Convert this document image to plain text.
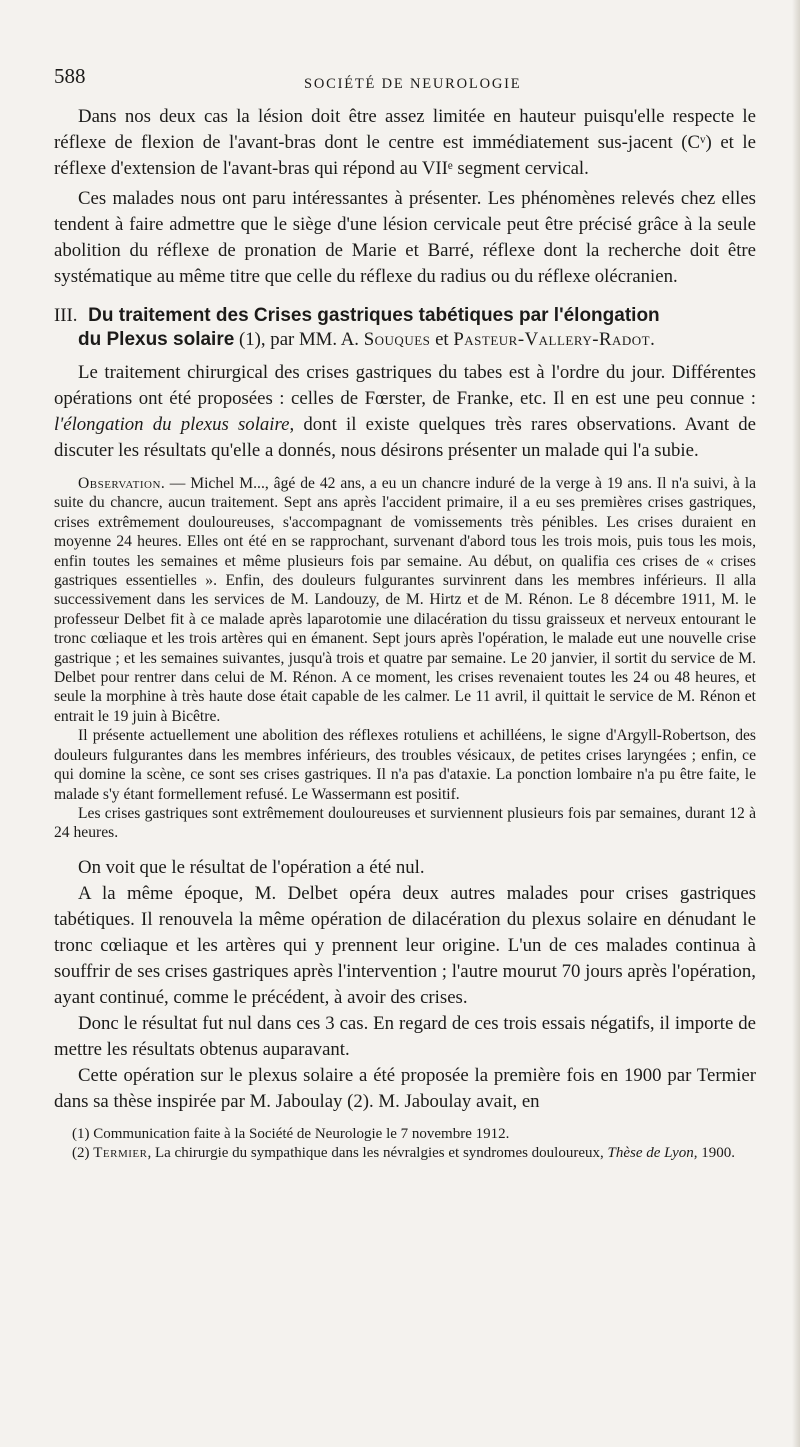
588	SOCIÉTÉ DE NEUROLOGIE

Dans nos deux cas la lésion doit être assez limitée en hauteur puisqu'elle respecte le réflexe de flexion de l'avant-bras dont le centre est immédiatement sus-jacent (Cᵛ) et le réflexe d'extension de l'avant-bras qui répond au VIIᵉ segment cervical.

Ces malades nous ont paru intéressantes à présenter. Les phénomènes relevés chez elles tendent à faire admettre que le siège d'une lésion cervicale peut être précisé grâce à la seule abolition du réflexe de pronation de Marie et Barré, réflexe dont la recherche doit être systématique au même titre que celle du réflexe du radius ou du réflexe olécranien.

III. Du traitement des Crises gastriques tabétiques par l'élongation
du Plexus solaire (1), par MM. A. Souques et Pasteur-Vallery-Radot.

Le traitement chirurgical des crises gastriques du tabes est à l'ordre du jour. Différentes opérations ont été proposées : celles de Fœrster, de Franke, etc. Il en est une peu connue : l'élongation du plexus solaire, dont il existe quelques très rares observations. Avant de discuter les résultats qu'elle a donnés, nous désirons présenter un malade qui l'a subie.

Observation. — Michel M..., âgé de 42 ans, a eu un chancre induré de la verge à 19 ans. Il n'a suivi, à la suite du chancre, aucun traitement. Sept ans après l'accident primaire, il a eu ses premières crises gastriques, crises extrêmement douloureuses, s'accompagnant de vomissements très pénibles. Les crises duraient en moyenne 24 heures. Elles ont été en se rapprochant, survenant d'abord tous les trois mois, puis tous les mois, enfin toutes les semaines et même plusieurs fois par semaine. Au début, on qualifia ces crises de « crises gastriques essentielles ». Enfin, des douleurs fulgurantes survinrent dans les membres inférieurs. Il alla successivement dans les services de M. Landouzy, de M. Hirtz et de M. Rénon. Le 8 décembre 1911, M. le professeur Delbet fit à ce malade après laparotomie une dilacération du tissu graisseux et nerveux entourant le tronc cœliaque et les trois artères qui en émanent. Sept jours après l'opération, le malade eut une nouvelle crise gastrique ; et les semaines suivantes, jusqu'à trois et quatre par semaine. Le 20 janvier, il sortit du service de M. Delbet pour rentrer dans celui de M. Rénon. A ce moment, les crises revenaient toutes les 24 ou 48 heures, et seule la morphine à très haute dose était capable de les calmer. Le 11 avril, il quittait le service de M. Rénon et entrait le 19 juin à Bicêtre.

Il présente actuellement une abolition des réflexes rotuliens et achilléens, le signe d'Argyll-Robertson, des douleurs fulgurantes dans les membres inférieurs, des troubles vésicaux, de petites crises laryngées ; enfin, ce qui domine la scène, ce sont ses crises gastriques. Il n'a pas d'ataxie. La ponction lombaire n'a pu être faite, le malade s'y étant formellement refusé. Le Wassermann est positif.

Les crises gastriques sont extrêmement douloureuses et surviennent plusieurs fois par semaines, durant 12 à 24 heures.

On voit que le résultat de l'opération a été nul.

A la même époque, M. Delbet opéra deux autres malades pour crises gastriques tabétiques. Il renouvela la même opération de dilacération du plexus solaire en dénudant le tronc cœliaque et les artères qui y prennent leur origine. L'un de ces malades continua à souffrir de ses crises gastriques après l'intervention ; l'autre mourut 70 jours après l'opération, ayant continué, comme le précédent, à avoir des crises.

Donc le résultat fut nul dans ces 3 cas. En regard de ces trois essais négatifs, il importe de mettre les résultats obtenus auparavant.

Cette opération sur le plexus solaire a été proposée la première fois en 1900 par Termier dans sa thèse inspirée par M. Jaboulay (2). M. Jaboulay avait, en

(1) Communication faite à la Société de Neurologie le 7 novembre 1912.

(2) Termier, La chirurgie du sympathique dans les névralgies et syndromes douloureux, Thèse de Lyon, 1900.
